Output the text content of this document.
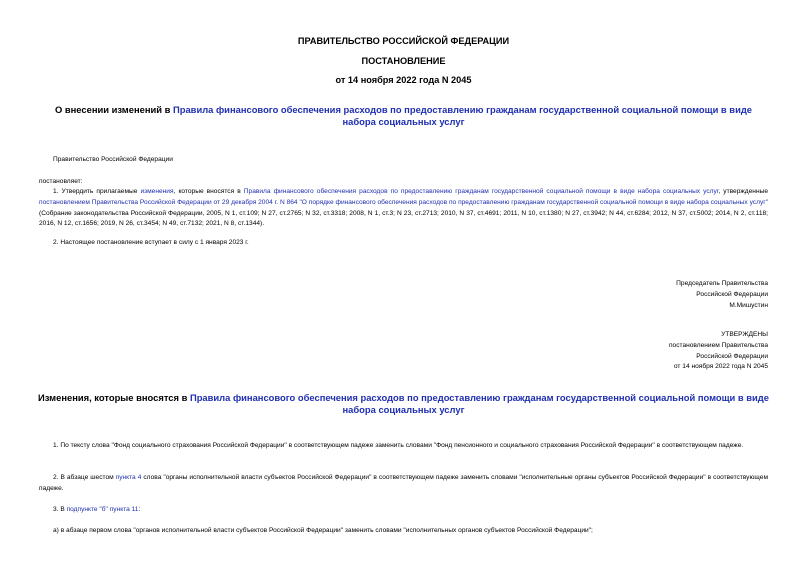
ПРАВИТЕЛЬСТВО РОССИЙСКОЙ ФЕДЕРАЦИИ
ПОСТАНОВЛЕНИЕ
от 14 ноября 2022 года N 2045
О внесении изменений в Правила финансового обеспечения расходов по предоставлению гражданам государственной социальной помощи в виде набора социальных услуг
Правительство Российской Федерации
постановляет:
1. Утвердить прилагаемые изменения, которые вносятся в Правила финансового обеспечения расходов по предоставлению гражданам государственной социальной помощи в виде набора социальных услуг, утвержденные постановлением Правительства Российской Федерации от 29 декабря 2004 г. N 864 "О порядке финансового обеспечения расходов по предоставлению гражданам государственной социальной помощи в виде набора социальных услуг" (Собрание законодательства Российской Федерации, 2005, N 1, ст.109; N 27, ст.2765; N 32, ст.3318; 2008, N 1, ст.3; N 23, ст.2713; 2010, N 37, ст.4691; 2011, N 10, ст.1380; N 27, ст.3942; N 44, ст.6284; 2012, N 37, ст.5002; 2014, N 2, ст.118; 2016, N 12, ст.1656; 2019, N 26, ст.3454; N 49, ст.7132; 2021, N 8, ст.1344).
2. Настоящее постановление вступает в силу с 1 января 2023 г.
Председатель Правительства
Российской Федерации
М.Мишустин
УТВЕРЖДЕНЫ
постановлением Правительства
Российской Федерации
от 14 ноября 2022 года N 2045
Изменения, которые вносятся в Правила финансового обеспечения расходов по предоставлению гражданам государственной социальной помощи в виде набора социальных услуг
1. По тексту слова "Фонд социального страхования Российской Федерации" в соответствующем падеже заменить словами "Фонд пенсионного и социального страхования Российской Федерации" в соответствующем падеже.
2. В абзаце шестом пункта 4 слова "органы исполнительной власти субъектов Российской Федерации" в соответствующем падеже заменить словами "исполнительные органы субъектов Российской Федерации" в соответствующем падеже.
3. В подпункте "б" пункта 11:
а) в абзаце первом слова "органов исполнительной власти субъектов Российской Федерации" заменить словами "исполнительных органов субъектов Российской Федерации";
